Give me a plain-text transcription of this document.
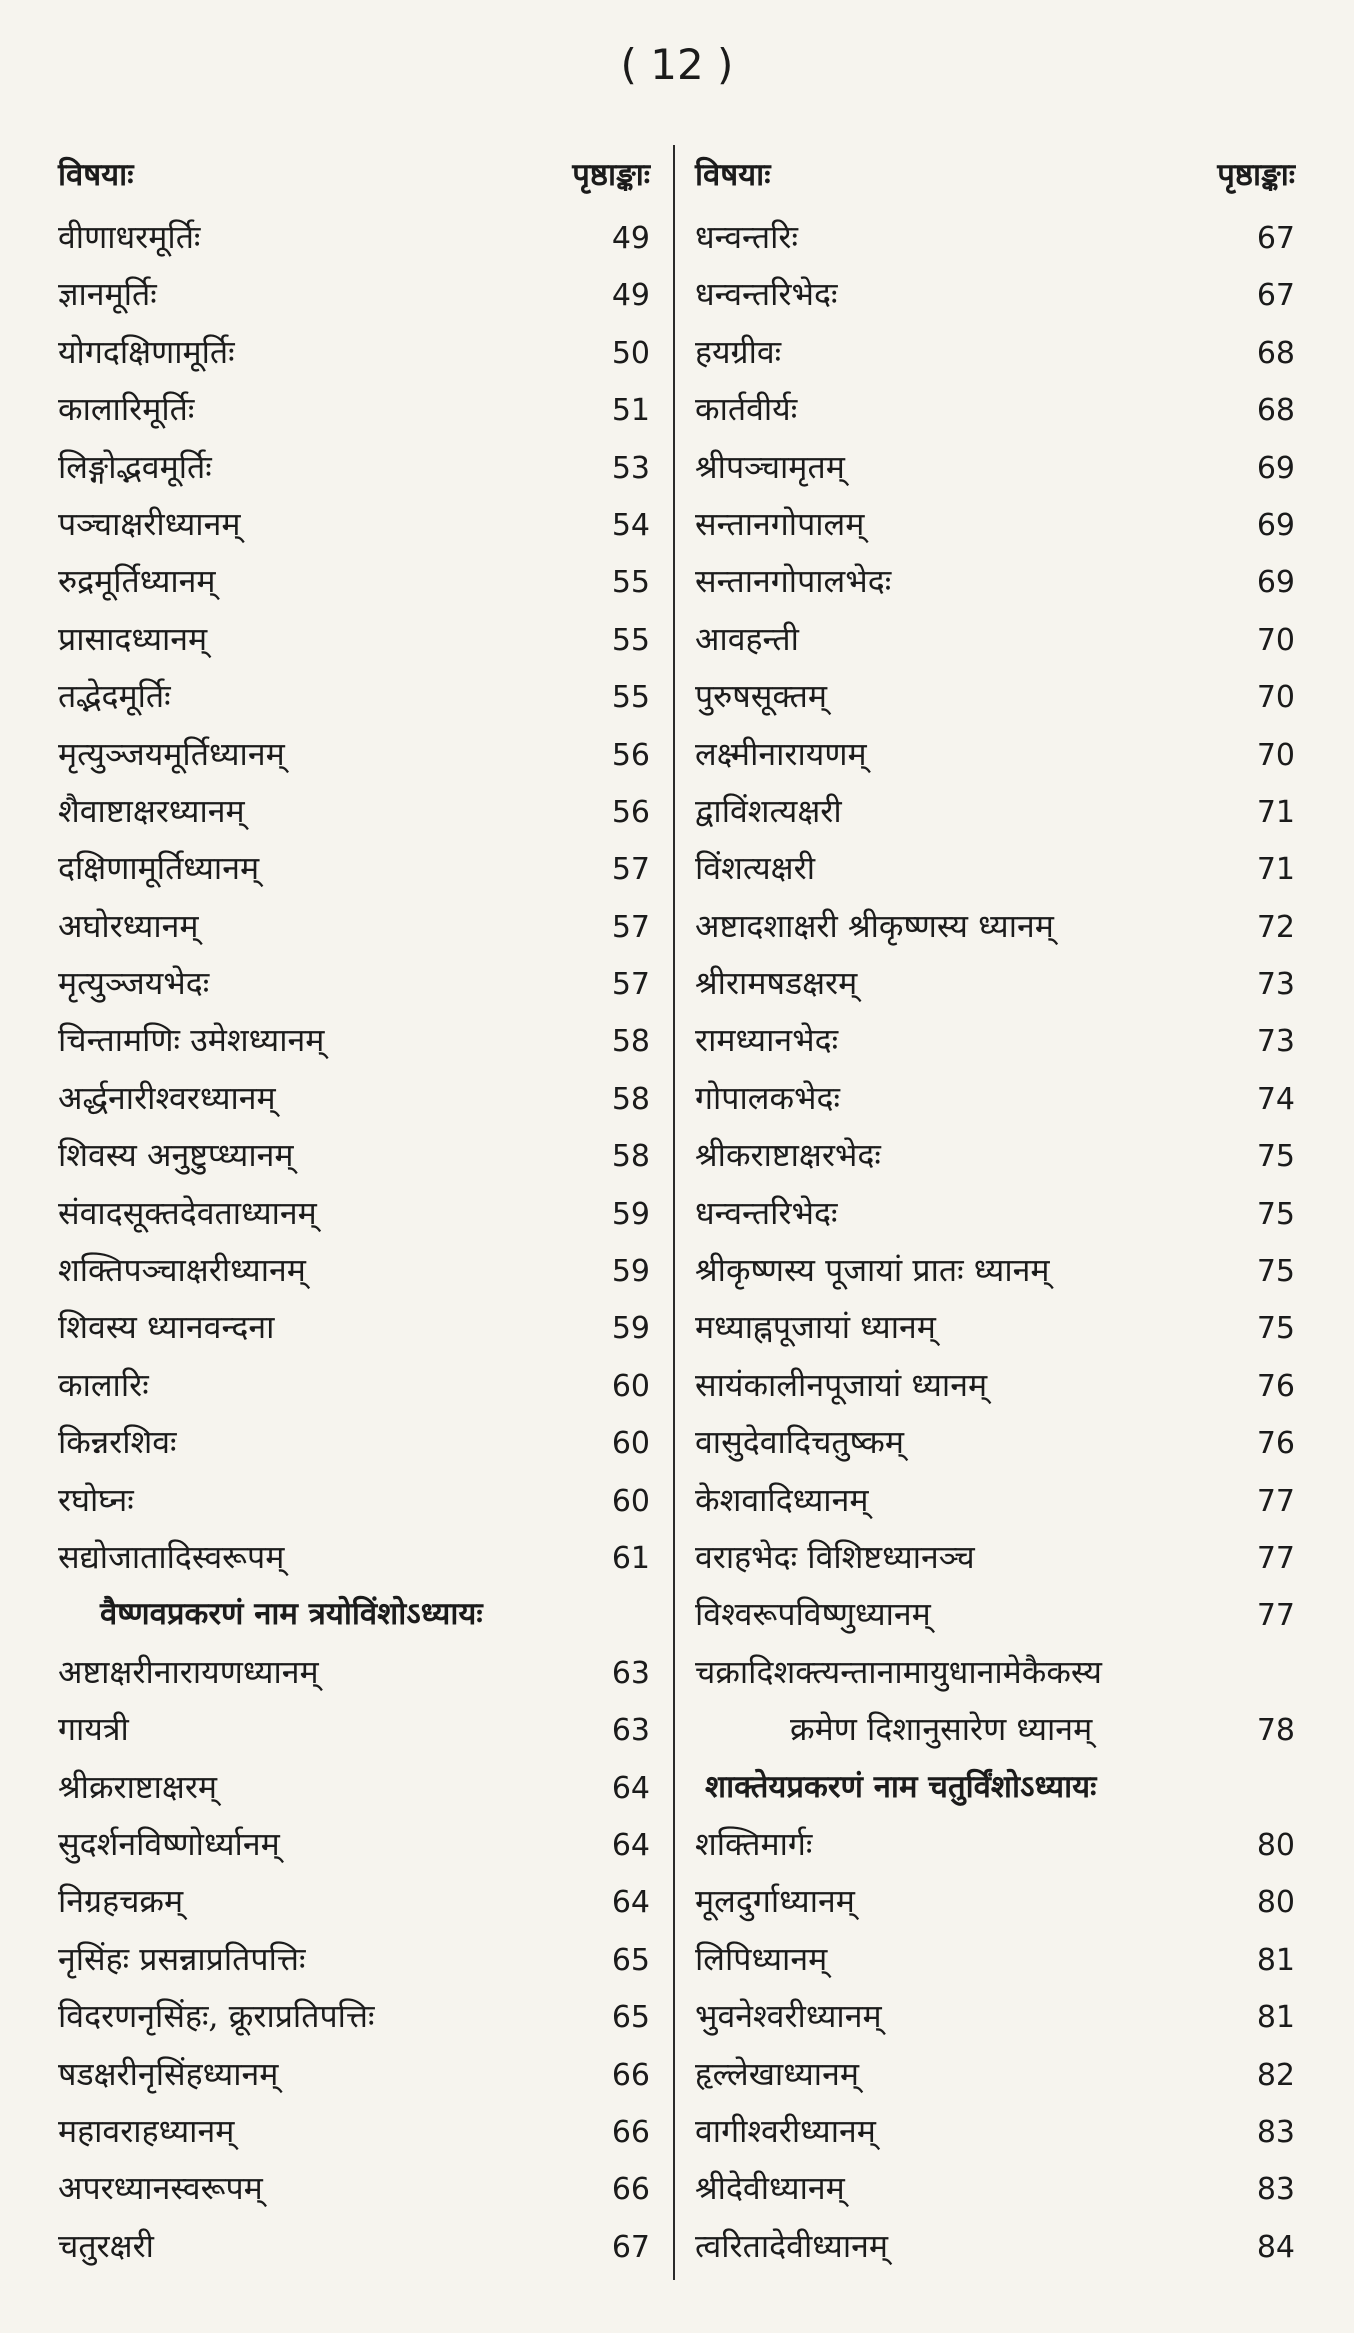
( 12 )
विषयाः	पृष्ठाङ्काः
वीणाधरमूर्तिः	49
ज्ञानमूर्तिः	49
योगदक्षिणामूर्तिः	50
कालारिमूर्तिः	51
लिङ्गोद्भवमूर्तिः	53
पञ्चाक्षरीध्यानम्	54
रुद्रमूर्तिध्यानम्	55
प्रासादध्यानम्	55
तद्भेदमूर्तिः	55
मृत्युञ्जयमूर्तिध्यानम्	56
शैवाष्टाक्षरध्यानम्	56
दक्षिणामूर्तिध्यानम्	57
अघोरध्यानम्	57
मृत्युञ्जयभेदः	57
चिन्तामणिः उमेशध्यानम्	58
अर्द्धनारीश्वरध्यानम्	58
शिवस्य अनुष्टुप्ध्यानम्	58
संवादसूक्तदेवताध्यानम्	59
शक्तिपञ्चाक्षरीध्यानम्	59
शिवस्य ध्यानवन्दना	59
कालारिः	60
किन्नरशिवः	60
रघोघ्नः	60
सद्योजातादिस्वरूपम्	61
वैष्णवप्रकरणं नाम त्रयोविंशोऽध्यायः
अष्टाक्षरीनारायणध्यानम्	63
गायत्री	63
श्रीक्रराष्टाक्षरम्	64
सुदर्शनविष्णोर्ध्यानम्	64
निग्रहचक्रम्	64
नृसिंहः प्रसन्नाप्रतिपत्तिः	65
विदरणनृसिंहः, क्रूराप्रतिपत्तिः	65
षडक्षरीनृसिंहध्यानम्	66
महावराहध्यानम्	66
अपरध्यानस्वरूपम्	66
चतुरक्षरी	67
विषयाः	पृष्ठाङ्काः
धन्वन्तरिः	67
धन्वन्तरिभेदः	67
हयग्रीवः	68
कार्तवीर्यः	68
श्रीपञ्चामृतम्	69
सन्तानगोपालम्	69
सन्तानगोपालभेदः	69
आवहन्ती	70
पुरुषसूक्तम्	70
लक्ष्मीनारायणम्	70
द्वाविंशत्यक्षरी	71
विंशत्यक्षरी	71
अष्टादशाक्षरी श्रीकृष्णस्य ध्यानम्	72
श्रीरामषडक्षरम्	73
रामध्यानभेदः	73
गोपालकभेदः	74
श्रीकराष्टाक्षरभेदः	75
धन्वन्तरिभेदः	75
श्रीकृष्णस्य पूजायां प्रातः ध्यानम्	75
मध्याह्नपूजायां ध्यानम्	75
सायंकालीनपूजायां ध्यानम्	76
वासुदेवादिचतुष्कम्	76
केशवादिध्यानम्	77
वराहभेदः विशिष्टध्यानञ्च	77
विश्वरूपविष्णुध्यानम्	77
चक्रादिशक्त्यन्तानामायुधानामेकैकस्य
क्रमेण दिशानुसारेण ध्यानम्	78
शाक्तेयप्रकरणं नाम चतुर्विंशोऽध्यायः
शक्तिमार्गः	80
मूलदुर्गाध्यानम्	80
लिपिध्यानम्	81
भुवनेश्वरीध्यानम्	81
हृल्लेखाध्यानम्	82
वागीश्वरीध्यानम्	83
श्रीदेवीध्यानम्	83
त्वरितादेवीध्यानम्	84
